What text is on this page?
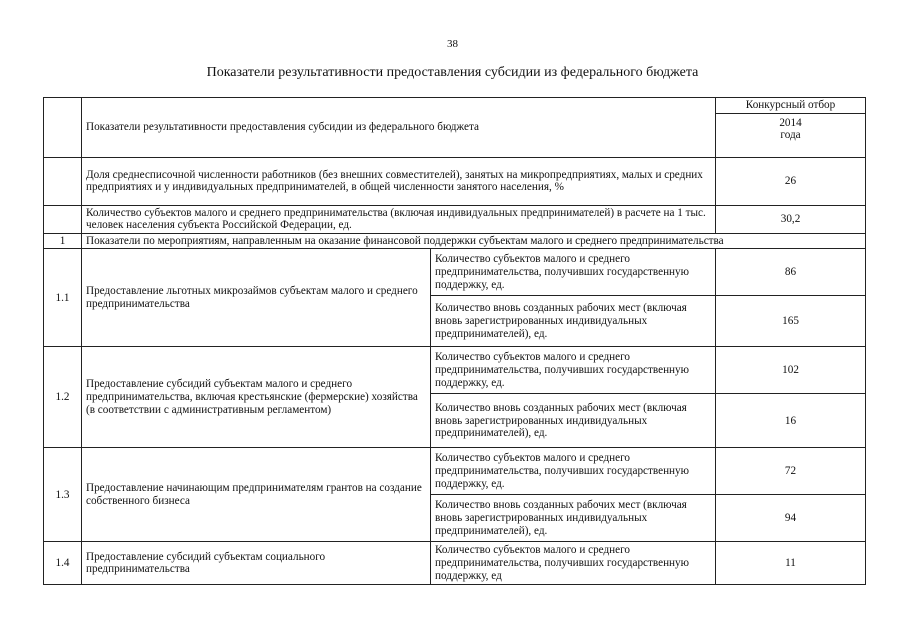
38
Показатели результативности предоставления субсидии из федерального бюджета
	Показатели результативности предоставления субсидии из федерального бюджета		Конкурсный отбор

			2014
года

	Доля среднесписочной численности работников (без внешних совместителей), занятых на микропредприятиях, малых и средних предприятиях и у индивидуальных предпринимателей, в общей численности занятого населения, %		26
	Количество субъектов малого и среднего предпринимательства (включая индивидуальных предпринимателей) в расчете на 1 тыс. человек населения субъекта Российской Федерации, ед.		30,2
1	Показатели по мероприятиям, направленным на оказание финансовой поддержки субъектам малого и среднего предпринимательства		
1.1	Предоставление льготных микрозаймов субъектам малого и среднего предпринимательства	Количество субъектов малого и среднего предпринимательства, получивших государственную поддержку, ед.	86
		Количество вновь созданных рабочих мест (включая вновь зарегистрированных индивидуальных предпринимателей), ед.	165
1.2	Предоставление субсидий субъектам малого и среднего предпринимательства, включая крестьянские (фермерские) хозяйства (в соответствии с административным регламентом)	Количество субъектов малого и среднего предпринимательства, получивших государственную поддержку, ед.	102
		Количество вновь созданных рабочих мест (включая вновь зарегистрированных индивидуальных предпринимателей), ед.	16
1.3	Предоставление начинающим предпринимателям грантов на создание собственного бизнеса	Количество субъектов малого и среднего предпринимательства, получивших государственную поддержку, ед.	72
		Количество вновь созданных рабочих мест (включая вновь зарегистрированных индивидуальных предпринимателей), ед.	94
1.4	Предоставление субсидий субъектам социального предпринимательства	Количество субъектов малого и среднего предпринимательства, получивших государственную поддержку, ед	11
